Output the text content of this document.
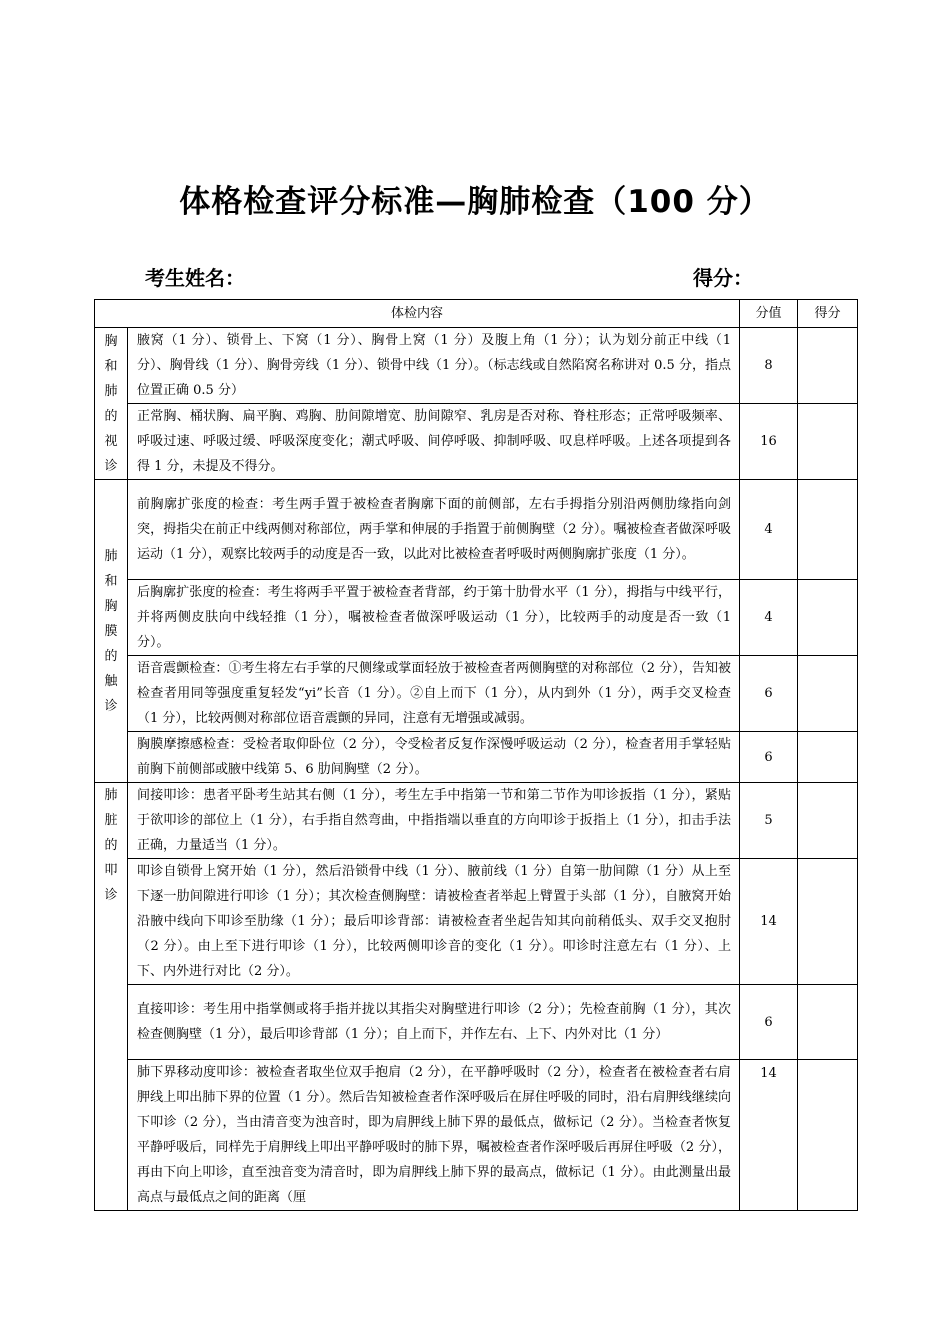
体格检查评分标准—胸肺检查（100 分）
考生姓名：	得分：
体检内容		分值	得分

胸和肺的视诊	腋窝（1 分）、锁骨上、下窝（1 分）、胸骨上窝（1 分）及腹上角（1 分）；认为划分前正中线（1 分）、胸骨线（1 分）、胸骨旁线（1 分）、锁骨中线（1 分）。（标志线或自然陷窝名称讲对 0.5 分，指点位置正确 0.5 分）	8	
	正常胸、桶状胸、扁平胸、鸡胸、肋间隙增宽、肋间隙窄、乳房是否对称、脊柱形态；正常呼吸频率、呼吸过速、呼吸过缓、呼吸深度变化；潮式呼吸、间停呼吸、抑制呼吸、叹息样呼吸。上述各项提到各得 1 分，未提及不得分。	16	

肺和胸膜的触诊	前胸廓扩张度的检查：考生两手置于被检查者胸廓下面的前侧部，左右手拇指分别沿两侧肋缘指向剑突，拇指尖在前正中线两侧对称部位，两手掌和伸展的手指置于前侧胸壁（2 分）。嘱被检查者做深呼吸运动（1 分），观察比较两手的动度是否一致，以此对比被检查者呼吸时两侧胸廓扩张度（1 分）。	4	
	后胸廓扩张度的检查：考生将两手平置于被检查者背部，约于第十肋骨水平（1 分），拇指与中线平行，并将两侧皮肤向中线轻推（1 分），嘱被检查者做深呼吸运动（1 分），比较两手的动度是否一致（1 分）。	4	
	语音震颤检查：①考生将左右手掌的尺侧缘或掌面轻放于被检查者两侧胸壁的对称部位（2 分），告知被检查者用同等强度重复轻发“yi”长音（1 分）。②自上而下（1 分），从内到外（1 分），两手交叉检查（1 分），比较两侧对称部位语音震颤的异同，注意有无增强或减弱。	6	
	胸膜摩擦感检查：受检者取仰卧位（2 分），令受检者反复作深慢呼吸运动（2 分），检查者用手掌轻贴前胸下前侧部或腋中线第 5、6 肋间胸壁（2 分）。	6	

肺脏的叩诊	间接叩诊：患者平卧考生站其右侧（1 分），考生左手中指第一节和第二节作为叩诊扳指（1 分），紧贴于欲叩诊的部位上（1 分），右手指自然弯曲，中指指端以垂直的方向叩诊于扳指上（1 分），扣击手法正确，力量适当（1 分）。	5	
	叩诊自锁骨上窝开始（1 分），然后沿锁骨中线（1 分）、腋前线（1 分）自第一肋间隙（1 分）从上至下逐一肋间隙进行叩诊（1 分）；其次检查侧胸壁：请被检查者举起上臂置于头部（1 分），自腋窝开始沿腋中线向下叩诊至肋缘（1 分）；最后叩诊背部：请被检查者坐起告知其向前稍低头、双手交叉抱肘（2 分）。由上至下进行叩诊（1 分），比较两侧叩诊音的变化（1 分）。叩诊时注意左右（1 分）、上下、内外进行对比（2 分）。	14	
	直接叩诊：考生用中指掌侧或将手指并拢以其指尖对胸壁进行叩诊（2 分）；先检查前胸（1 分），其次检查侧胸壁（1 分），最后叩诊背部（1 分）；自上而下，并作左右、上下、内外对比（1 分）	6	
	肺下界移动度叩诊：被检查者取坐位双手抱肩（2 分），在平静呼吸时（2 分），检查者在被检查者右肩胛线上叩出肺下界的位置（1 分）。然后告知被检查者作深呼吸后在屏住呼吸的同时，沿右肩胛线继续向下叩诊（2 分），当由清音变为浊音时，即为肩胛线上肺下界的最低点，做标记（2 分）。当检查者恢复平静呼吸后，同样先于肩胛线上叩出平静呼吸时的肺下界，嘱被检查者作深呼吸后再屏住呼吸（2 分），再由下向上叩诊，直至浊音变为清音时，即为肩胛线上肺下界的最高点，做标记（1 分）。由此测量出最高点与最低点之间的距离（厘	14	
